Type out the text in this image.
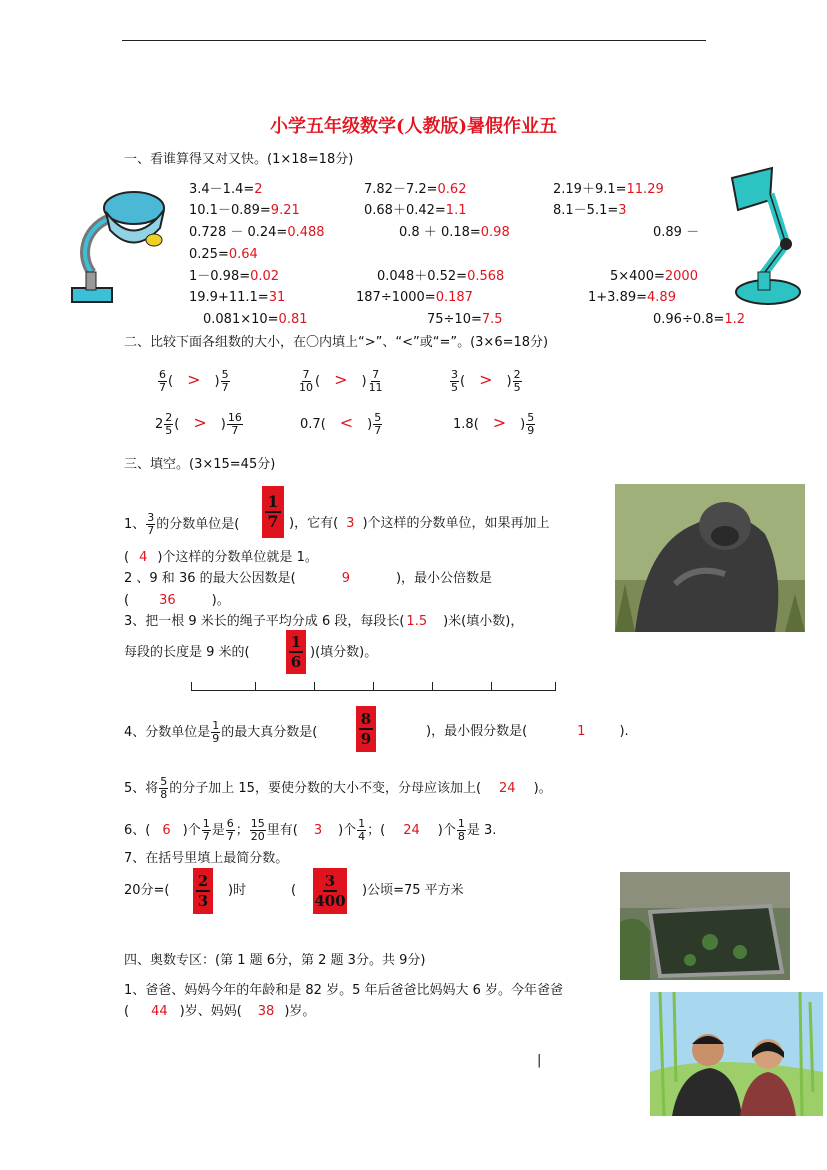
小学五年级数学(人教版)暑假作业五
一、看谁算得又对又快。(1×18=18分)
3.4－1.4=2	7.82－7.2=0.62	2.19＋9.1=11.29
10.1－0.89=9.21	0.68＋0.42=1.1	8.1－5.1=3
0.728 － 0.24=0.488	0.8 ＋ 0.18=0.98	0.89 －
0.25=0.64
1－0.98=0.02	0.048＋0.52=0.568	5×400=2000
19.9+11.1=31	187÷1000=0.187	1+3.89=4.89
0.081×10=0.81	75÷10=7.5	0.96÷0.8=1.2
二、比较下面各组数的大小，在〇内填上“>”、“<”或“=”。(3×6=18分)
$\frac{6}{7}$ ( > ) $\frac{5}{7}$	$\frac{7}{10}$ ( > ) $\frac{7}{11}$	$\frac{3}{5}$ ( > ) $\frac{2}{5}$
$2 \frac{2}{5}$ ( > ) $\frac{16}{7}$	0.7( < ) $\frac{5}{7}$	1.8( > ) $\frac{5}{9}$
三、填空。(3×15=45分)
1、 $\frac{3}{7}$ 的分数单位是(
1
7 )，它有( 3 )个这样的分数单位，如果再加上
( 4 )个这样的分数单位就是 1。
2 、9 和 36 的最大公因数是(	9	)，最小公倍数是
( 36	)。
3、把一根 9 米长的绳子平均分成 6 段，每段长( 1.5 )米(填小数)，
每段的长度是 9 米的(
1
6
)(填分数)。
4、分数单位是 $\frac{1}{9}$ 的最大真分数是(
8
9	)，最小假分数是(	1	).
5、将 $\frac{5}{8}$ 的分子加上 15，要使分数的大小不变，分母应该加上( 24 )。
6、( 6 )个 $\frac{1}{7}$ 是 $\frac{6}{7}$ ； $\frac{15}{20}$ 里有( 3 )个 $\frac{1}{4}$ ；( 24 )个 $\frac{1}{8}$ 是 3.
7、在括号里填上最简分数。
20分=(
2
3
)时	(
3
400
)公顷=75 平方米
四、奥数专区：(第 1 题 6分，第 2 题 3分。共 9分)
1、爸爸、妈妈今年的年龄和是 82 岁。5 年后爸爸比妈妈大 6 岁。今年爸爸
( 44 )岁、妈妈( 38 )岁。
|
